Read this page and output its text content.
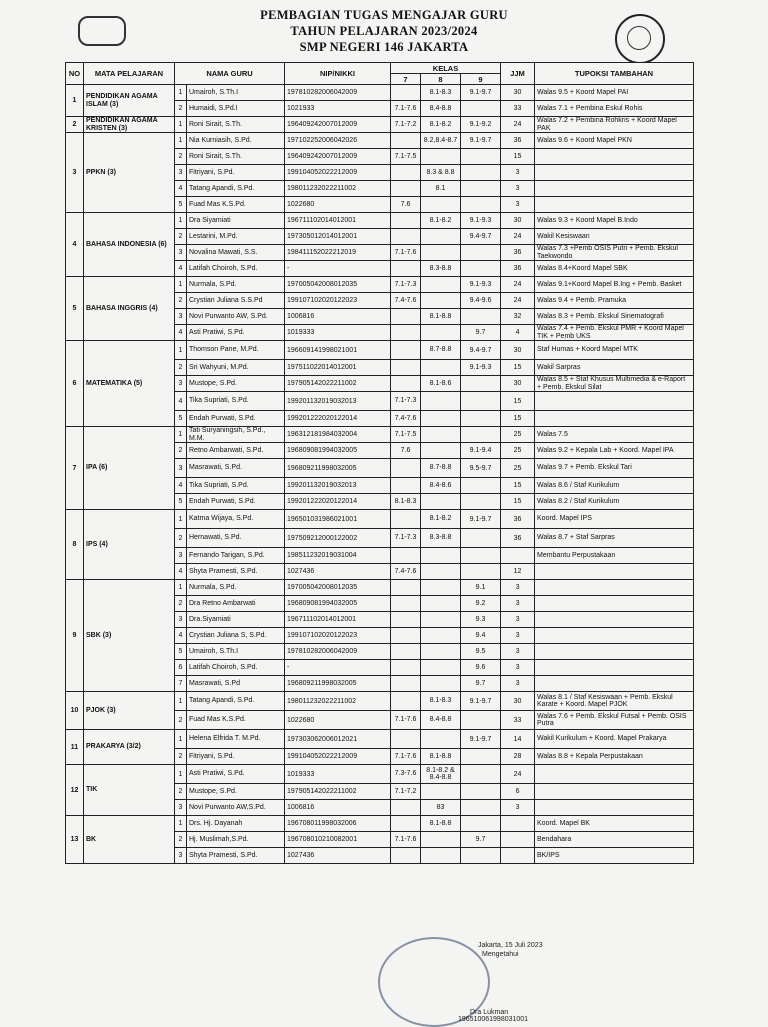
PEMBAGIAN TUGAS MENGAJAR GURU
TAHUN PELAJARAN 2023/2024
SMP NEGERI 146 JAKARTA
NO	MATA PELAJARAN	NAMA GURU		NIP/NIKKI	KELAS			JJM	TUPOKSI TAMBAHAN
					7	8	9		
1	PENDIDIKAN AGAMA ISLAM (3)	1	Umairoh, S.Th.I	197810282006042009		8.1-8.3	9.1-9.7	30	Walas 9.5 + Koord Mapel PAI
		2	Humaidi, S.Pd.I	1021933	7.1-7.6	8.4-8.8		33	Walas 7.1 + Pembina Eskul Rohis
2	PENDIDIKAN AGAMA KRISTEN (3)	1	Roni Sirait, S.Th.	196409242007012009	7.1-7.2	8.1-8.2	9.1-9.2	24	Walas 7.2 + Pembina Rohkris + Koord Mapel PAK
3	PPKN (3)	1	Nia Kurniasih, S.Pd.	197102252006042026		8.2,8.4-8.7	9.1-9.7	36	Walas 9.6 + Koord Mapel PKN
		2	Roni Sirait, S.Th.	196409242007012009	7.1-7.5			15	
		3	Fitriyani, S.Pd.	199104052022212009		8.3 & 8.8		3	
		4	Tatang Apandi, S.Pd.	198011232022211002		8.1		3	
		5	Fuad Mas K.S.Pd.	1022680	7.6			3	
4	BAHASA INDONESIA (6)	1	Dra Siyamiati	196711102014012001		8.1-8.2	9.1-9.3	30	Walas 9.3 + Koord Mapel B.Indo
		2	Lestarini, M.Pd.	197305012014012001			9.4-9.7	24	Wakil Kesiswaan
		3	Novalina Mawati, S.S.	198411152022212019	7.1-7.6			36	Walas 7.3 +Pemb OSIS Putri + Pemb. Ekskul Taekwondo
		4	Latifah Choiroh, S.Pd.	-		8.3-8.8		36	Walas 8.4+Koord Mapel SBK
5	BAHASA INGGRIS (4)	1	Nurmala, S.Pd.	197005042008012035	7.1-7.3		9.1-9.3	24	Walas 9.1+Koord Mapel B.Ing + Pemb. Basket
		2	Crystian Juliana S.S.Pd	199107102020122023	7.4-7.6		9.4-9.6	24	Walas 9.4 + Pemb. Pramuka
		3	Novi Purwanto AW, S.Pd.	1006816		8.1-8.8		32	Walas 8.3 + Pemb. Ekskul Sinematografi
		4	Asti Pratiwi, S.Pd.	1019333			9.7	4	Walas 7.4 + Pemb. Ekskul PMR + Koord Mapel TIK + Pemb UKS
6	MATEMATIKA (5)	1	Thomson Pane, M.Pd.	196609141998021001		8.7-8.8	9.4-9.7	30	Staf Humas + Koord Mapel MTK
		2	Sri Wahyuni, M.Pd.	197511022014012001			9.1-9.3	15	Wakil Sarpras
		3	Mustope, S.Pd.	197905142022211002		8.1-8.6		30	Walas 8.5 + Staf Khusus Multimedia & e-Raport + Pemb. Ekskul Silat
		4	Tika Supriati, S.Pd.	199201132019032013	7.1-7.3			15	
		5	Endah Purwati, S.Pd.	199201222020122014	7.4-7.6			15	
7	IPA (6)	1	Tati Suryaningsih, S.Pd., M.M.	196312181984032004	7.1-7.5			25	Walas 7.5
		2	Retno Ambarwati, S.Pd.	196809081994032005	7.6		9.1-9.4	25	Walas 9.2 + Kepala Lab + Koord. Mapel IPA
		3	Masrawati, S.Pd.	196809211998032005		8.7-8.8	9.5-9.7	25	Walas 9.7 + Pemb. Ekskul Tari
		4	Tika Supriati, S.Pd.	199201132019032013		8.4-8.6		15	Walas 8.6 / Staf Kurikulum
		5	Endah Purwati, S.Pd.	199201222020122014	8.1-8.3			15	Walas 8.2 / Staf Kurikulum
8	IPS (4)	1	Katma Wijaya, S.Pd.	196501031986021001		8.1-8.2	9.1-9.7	36	Koord. Mapel IPS
		2	Hernawati, S.Pd.	197509212000122002	7.1-7.3	8.3-8.8		36	Walas 8.7 + Staf Sarpras
		3	Fernando Tarigan, S.Pd.	198511232019031004					Membantu Perpustakaan
		4	Shyta Pramesti, S.Pd.	1027436	7.4-7.6			12	
9	SBK (3)	1	Nurmala, S.Pd.	197005042008012035			9.1	3	
		2	Dra Retno Ambarwati	196809081994032005			9.2	3	
		3	Dra.Siyamiati	196711102014012001			9.3	3	
		4	Crystian Juliana S, S.Pd.	199107102020122023			9.4	3	
		5	Umairoh, S.Th.I	197810282006042009			9.5	3	
		6	Latifah Choiroh, S.Pd.	-			9.6	3	
		7	Masrawati, S.Pd	196809211998032005			9.7	3	
10	PJOK (3)	1	Tatang Apandi, S.Pd.	198011232022211002		8.1-8.3	9.1-9.7	30	Walas 8.1 / Staf Kesiswaan + Pemb. Ekskul Karate + Koord. Mapel PJOK
		2	Fuad Mas K.S.Pd.	1022680	7.1-7.6	8.4-8.8		33	Walas 7.6 + Pemb. Ekskul Futsal + Pemb. OSIS Putra
11	PRAKARYA (3/2)	1	Helena Elfrida T. M.Pd.	197303062006012021			9.1-9.7	14	Wakil Kurikulum + Koord. Mapel Prakarya
		2	Fitriyani, S.Pd.	199104052022212009	7.1-7.6	8.1-8.8		28	Walas 8.8 + Kepala Perpustakaan
12	TIK	1	Asti Pratiwi, S.Pd.	1019333	7.3-7.6	8.1-8.2 & 8.4-8.8		24	
		2	Mustope, S.Pd.	197905142022211002	7.1-7.2			6	
		3	Novi Purwanto AW,S.Pd.	1006816		83		3	
13	BK	1	Drs. Hj. Dayanah	196708011998032006		8.1-8.8			Koord. Mapel BK
		2	Hj. Muslimah,S.Pd.	196708010210082001	7.1-7.6		9.7		Bendahara
		3	Shyta Pramesti, S.Pd.	1027436					BK/IPS
Jakarta, 15 Juli 2023
Mengetahui
Dra Lukman
196510061998031001
